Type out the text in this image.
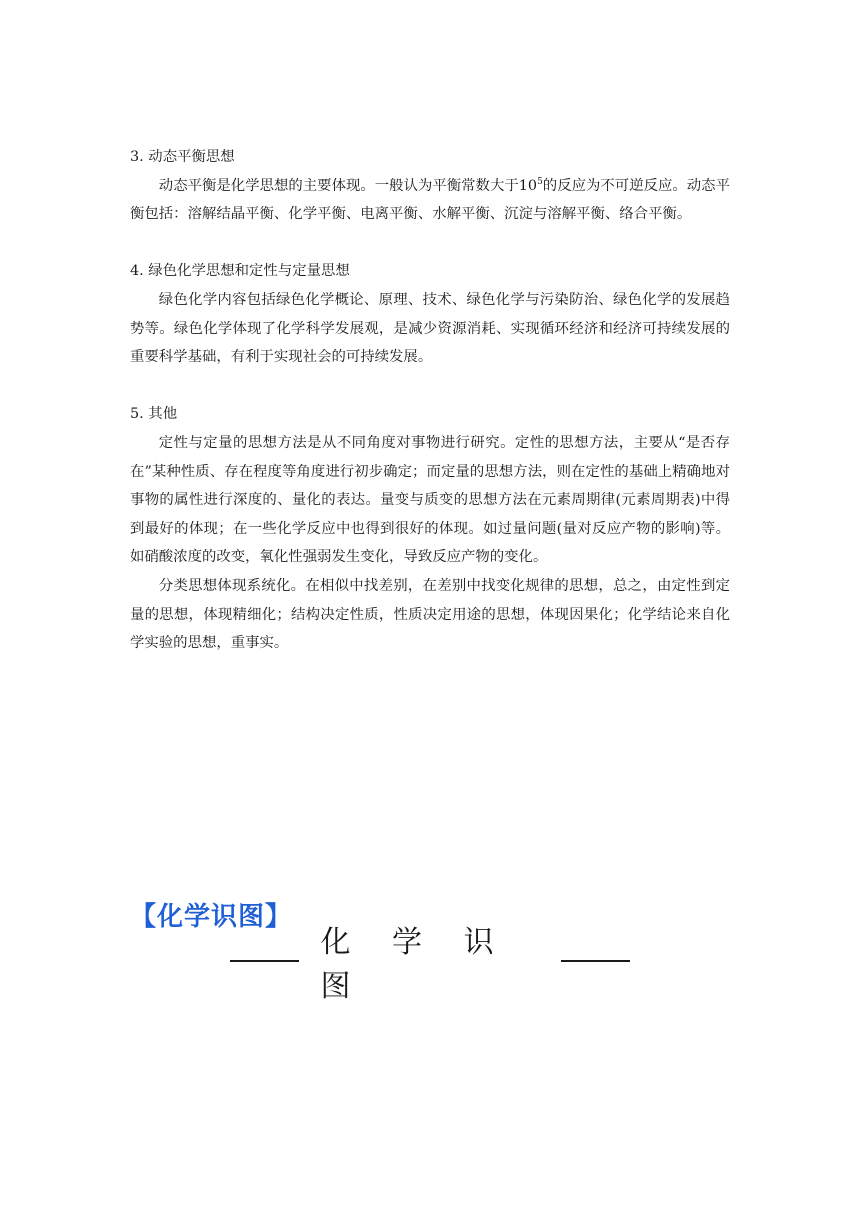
3. 动态平衡思想

动态平衡是化学思想的主要体现。一般认为平衡常数大于$10^5$的反应为不可逆反应。动态平衡包括：溶解结晶平衡、化学平衡、电离平衡、水解平衡、沉淀与溶解平衡、络合平衡。

4. 绿色化学思想和定性与定量思想

绿色化学内容包括绿色化学概论、原理、技术、绿色化学与污染防治、绿色化学的发展趋势等。绿色化学体现了化学科学发展观，是减少资源消耗、实现循环经济和经济可持续发展的重要科学基础，有利于实现社会的可持续发展。

5. 其他

定性与定量的思想方法是从不同角度对事物进行研究。定性的思想方法，主要从“是否存在”某种性质、存在程度等角度进行初步确定；而定量的思想方法，则在定性的基础上精确地对事物的属性进行深度的、量化的表达。量变与质变的思想方法在元素周期律(元素周期表)中得到最好的体现；在一些化学反应中也得到很好的体现。如过量问题(量对反应产物的影响)等。如硝酸浓度的改变，氧化性强弱发生变化，导致反应产物的变化。

分类思想体现系统化。在相似中找差别，在差别中找变化规律的思想，总之，由定性到定量的思想，体现精细化；结构决定性质，性质决定用途的思想，体现因果化；化学结论来自化学实验的思想，重事实。

【化学识图】
化 学 识 图
